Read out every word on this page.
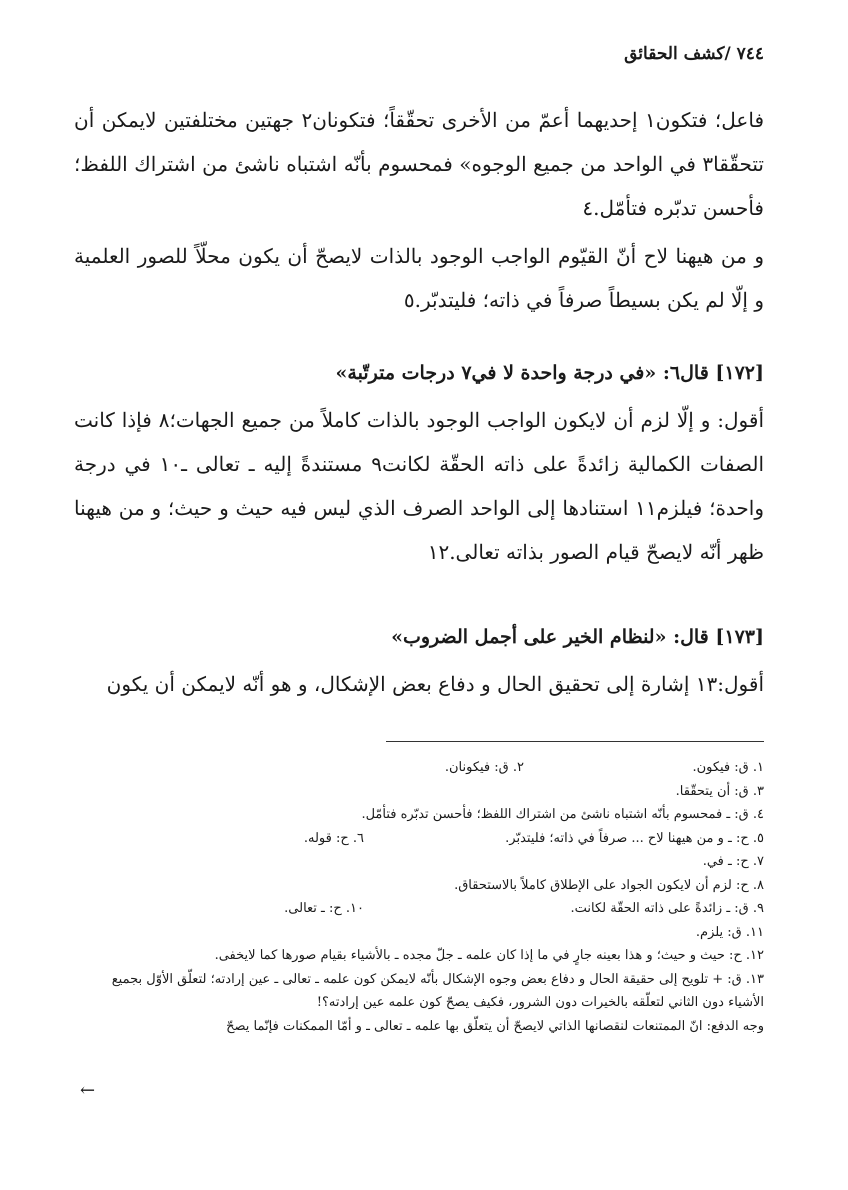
٧٤٤ /كشف الحقائق

فاعل؛ فتكون١ إحديهما أعمّ من الأخرى تحقّقاً؛ فتكونان٢ جهتين مختلفتين لايمكن أن تتحقّقا٣ في الواحد من جميع الوجوه» فمحسوم بأنّه اشتباه ناشئ من اشتراك اللفظ؛ فأحسن تدبّره فتأمّل.٤

و من هيهنا لاح أنّ القيّوم الواجب الوجود بالذات لايصحّ أن يكون محلّاً للصور العلمية و إلّا لم يكن بسيطاً صرفاً في ذاته؛ فليتدبّر.٥

[١٧٢] قال٦: «في درجة واحدة لا في٧ درجات مترتّبة»

أقول: و إلّا لزم أن لايكون الواجب الوجود بالذات كاملاً من جميع الجهات؛٨ فإذا كانت الصفات الكمالية زائدةً على ذاته الحقّة لكانت٩ مستندةً إليه ـ تعالى ـ١٠ في درجة واحدة؛ فيلزم١١ استنادها إلى الواحد الصرف الذي ليس فيه حيث و حيث؛ و من هيهنا ظهر أنّه لايصحّ قيام الصور بذاته تعالى.١٢

[١٧٣] قال: «لنظام الخير على أجمل الضروب»

أقول:١٣ إشارة إلى تحقيق الحال و دفاع بعض الإشكال، و هو أنّه لايمكن أن يكون

١. ق: فيكون.
٢. ق: فيكونان.

٣. ق: أن يتحقّقا.

٤. ق: ـ فمحسوم بأنّه اشتباه ناشئ من اشتراك اللفظ؛ فأحسن تدبّره فتأمّل.

٥. ح: ـ و من هيهنا لاح ... صرفاً في ذاته؛ فليتدبّر.
٦. ح: قوله.

٧. ح: ـ في.

٨. ح: لزم أن لايكون الجواد على الإطلاق كاملاً بالاستحقاق.

٩. ق: ـ زائدةً على ذاته الحقّة لكانت.
١٠. ح: ـ تعالى.

١١. ق: يلزم.

١٢. ح: حيث و حيث؛ و هذا بعينه جارٍ في ما إذا كان علمه ـ جلّ مجده ـ بالأشياء بقيام صورها كما لايخفى.

١٣. ق: + تلويح إلى حقيقة الحال و دفاع بعض وجوه الإشكال بأنّه لايمكن كون علمه ـ تعالى ـ عين إرادته؛ لتعلّق الأوّل بجميع الأشياء دون الثاني لتعلّقه بالخيرات دون الشرور، فكيف يصحّ كون علمه عين إرادته؟!

وجه الدفع: انّ الممتنعات لنقصانها الذاتي لايصحّ أن يتعلّق بها علمه ـ تعالى ـ و أمّا الممكنات فإنّما يصحّ

←
